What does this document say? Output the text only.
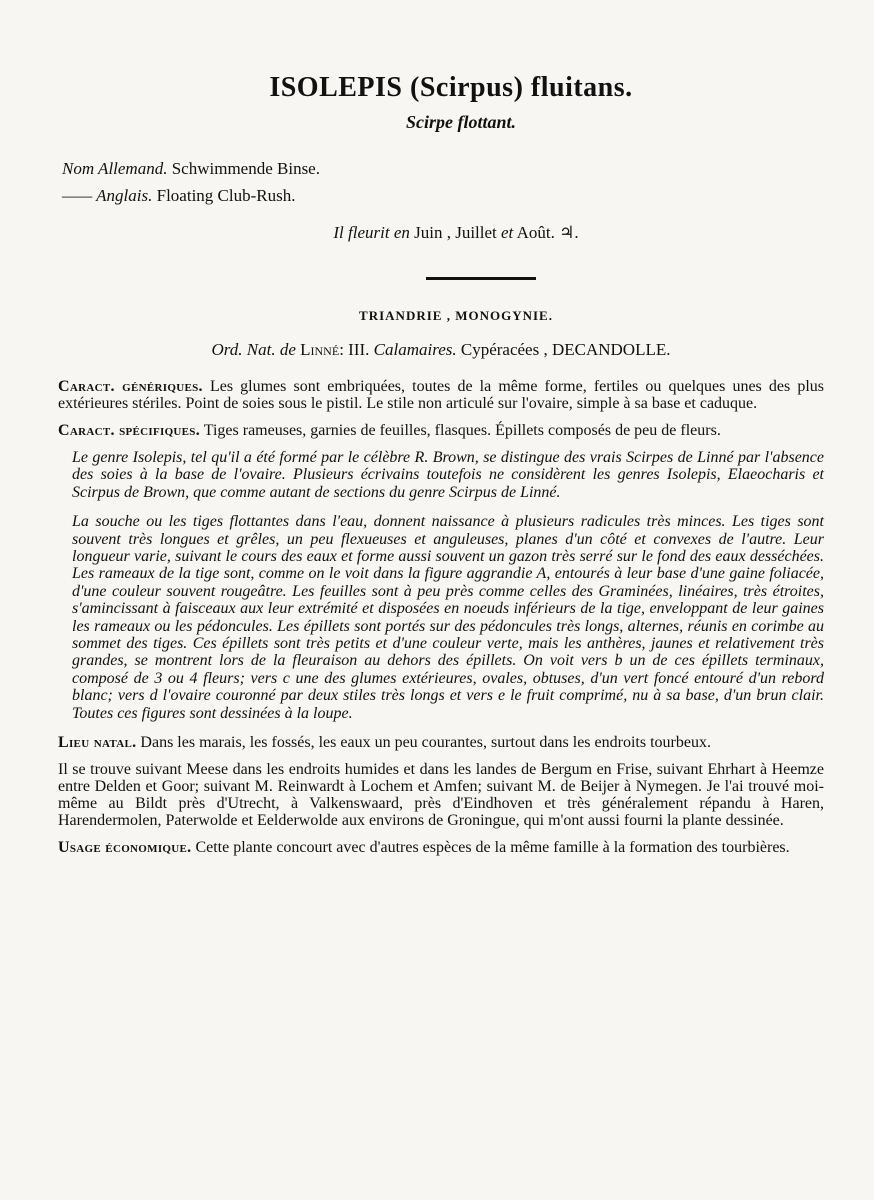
ISOLEPIS (Scirpus) fluitans.
Scirpe flottant.
Nom Allemand. Schwimmende Binse.
—— Anglais. Floating Club-Rush.
Il fleurit en Juin , Juillet et Août. ♃.
TRIANDRIE , MONOGYNIE.
Ord. Nat. de Linné: III. Calamaires. Cypéracées , DECANDOLLE.

Caract. génériques. Les glumes sont embriquées, toutes de la même forme, fertiles ou quelques unes des plus extérieures stériles. Point de soies sous le pistil. Le stile non articulé sur l'ovaire, simple à sa base et caduque.

Caract. spécifiques. Tiges rameuses, garnies de feuilles, flasques. Épillets composés de peu de fleurs.

Le genre Isolepis, tel qu'il a été formé par le célèbre R. Brown, se distingue des vrais Scirpes de Linné par l'absence des soies à la base de l'ovaire. Plusieurs écrivains toutefois ne considèrent les genres Isolepis, Elaeocharis et Scirpus de Brown, que comme autant de sections du genre Scirpus de Linné.

La souche ou les tiges flottantes dans l'eau, donnent naissance à plusieurs radicules très minces. Les tiges sont souvent très longues et grêles, un peu flexueuses et anguleuses, planes d'un côté et convexes de l'autre. Leur longueur varie, suivant le cours des eaux et forme aussi souvent un gazon très serré sur le fond des eaux desséchées. Les rameaux de la tige sont, comme on le voit dans la figure aggrandie A, entourés à leur base d'une gaine foliacée, d'une couleur souvent rougeâtre. Les feuilles sont à peu près comme celles des Graminées, linéaires, très étroites, s'amincissant à faisceaux aux leur extrémité et disposées en noeuds inférieurs de la tige, enveloppant de leur gaines les rameaux ou les pédoncules. Les épillets sont portés sur des pédoncules très longs, alternes, réunis en corimbe au sommet des tiges. Ces épillets sont très petits et d'une couleur verte, mais les anthères, jaunes et relativement très grandes, se montrent lors de la fleuraison au dehors des épillets. On voit vers b un de ces épillets terminaux, composé de 3 ou 4 fleurs; vers c une des glumes extérieures, ovales, obtuses, d'un vert foncé entouré d'un rebord blanc; vers d l'ovaire couronné par deux stiles très longs et vers e le fruit comprimé, nu à sa base, d'un brun clair. Toutes ces figures sont dessinées à la loupe.

Lieu natal. Dans les marais, les fossés, les eaux un peu courantes, surtout dans les endroits tourbeux.

Il se trouve suivant Meese dans les endroits humides et dans les landes de Bergum en Frise, suivant Ehrhart à Heemze entre Delden et Goor; suivant M. Reinwardt à Lochem et Amfen; suivant M. de Beijer à Nymegen. Je l'ai trouvé moi-même au Bildt près d'Utrecht, à Valkenswaard, près d'Eindhoven et très généralement répandu à Haren, Harendermolen, Paterwolde et Eelderwolde aux environs de Groningue, qui m'ont aussi fourni la plante dessinée.

Usage économique. Cette plante concourt avec d'autres espèces de la même famille à la formation des tourbières.
